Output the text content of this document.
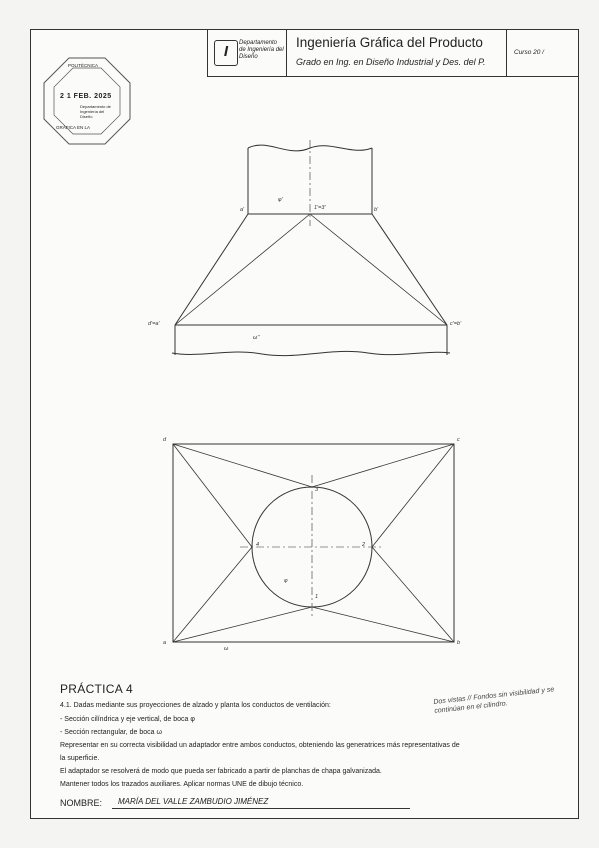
I	Departamento de Ingeniería del Diseño
Ingeniería Gráfica del Producto
Grado en Ing. en Diseño Industrial y Des. del P.
Curso 20 /
POLITÉCNICA
2 1 FEB. 2025
Departamento de Ingeniería del Diseño
GRÁFICA EN LA
a'	1'=3'	b'
φ'
d'=a'	c'=b'
ω''
d	c
a	b
3
4	2
1
φ
ω
PRÁCTICA 4
4.1. Dadas mediante sus proyecciones de alzado y planta los conductos de ventilación:
- Sección cilíndrica y eje vertical, de boca φ
- Sección rectangular, de boca ω
Representar en su correcta visibilidad un adaptador entre ambos conductos, obteniendo las generatrices más representativas de
la superficie.
El adaptador se resolverá de modo que pueda ser fabricado a partir de planchas de chapa galvanizada.
Mantener todos los trazados auxiliares. Aplicar normas UNE de dibujo técnico.
Dos vistas // Fondos sin visibilidad y se continúan en el cilindro.
NOMBRE: MARÍA DEL VALLE ZAMBUDIO JIMÉNEZ
